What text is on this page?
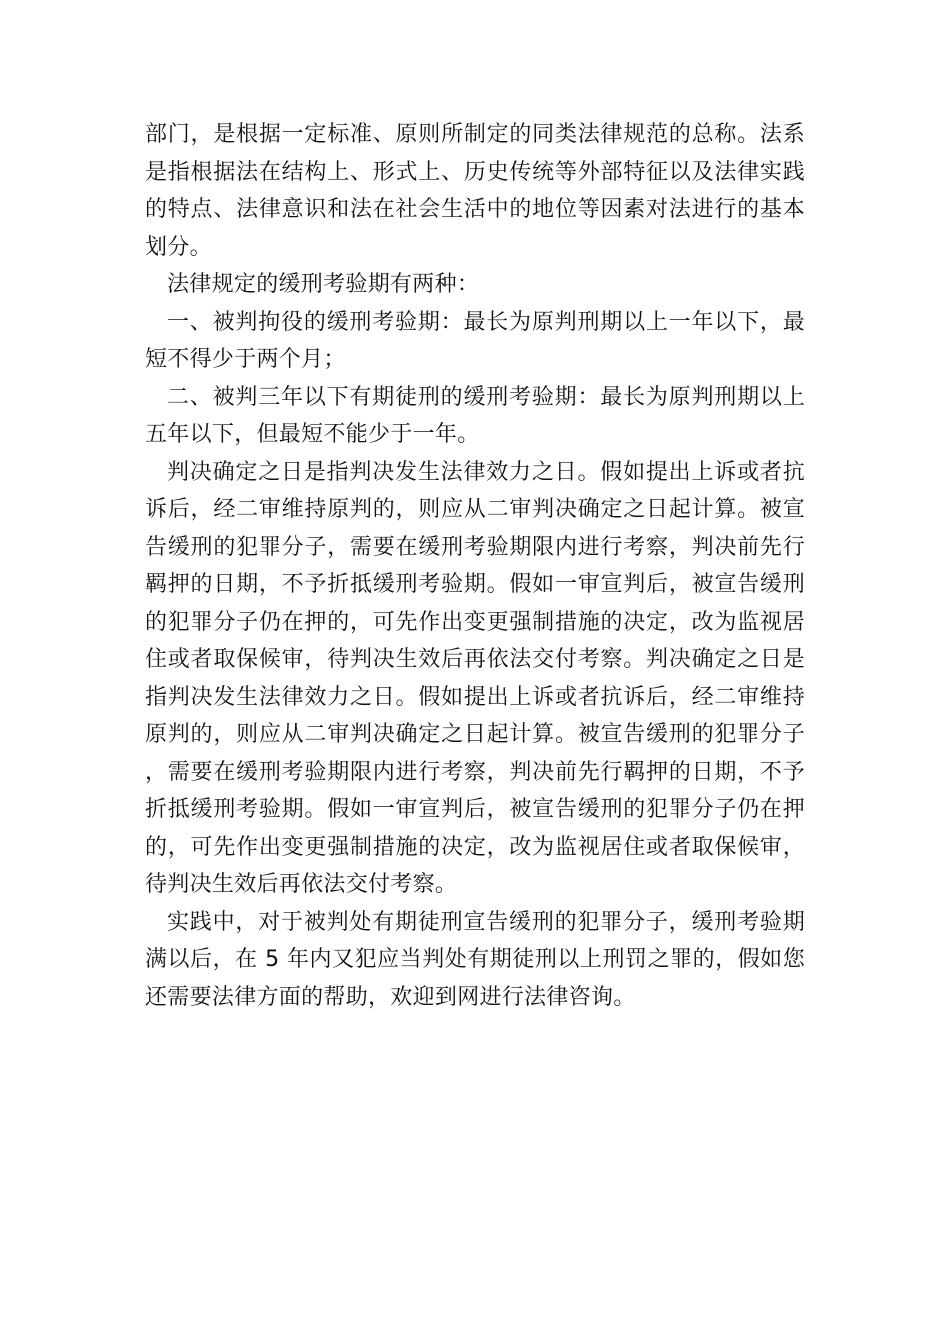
部门，是根据一定标准、原则所制定的同类法律规范的总称。法系是指根据法在结构上、形式上、历史传统等外部特征以及法律实践的特点、法律意识和法在社会生活中的地位等因素对法进行的基本划分。

法律规定的缓刑考验期有两种：

一、被判拘役的缓刑考验期：最长为原判刑期以上一年以下，最短不得少于两个月；

二、被判三年以下有期徒刑的缓刑考验期：最长为原判刑期以上五年以下，但最短不能少于一年。

判决确定之日是指判决发生法律效力之日。假如提出上诉或者抗诉后，经二审维持原判的，则应从二审判决确定之日起计算。被宣告缓刑的犯罪分子，需要在缓刑考验期限内进行考察，判决前先行羁押的日期，不予折抵缓刑考验期。假如一审宣判后，被宣告缓刑的犯罪分子仍在押的，可先作出变更强制措施的决定，改为监视居住或者取保候审，待判决生效后再依法交付考察。判决确定之日是指判决发生法律效力之日。假如提出上诉或者抗诉后，经二审维持原判的，则应从二审判决确定之日起计算。被宣告缓刑的犯罪分子，需要在缓刑考验期限内进行考察，判决前先行羁押的日期，不予折抵缓刑考验期。假如一审宣判后，被宣告缓刑的犯罪分子仍在押的，可先作出变更强制措施的决定，改为监视居住或者取保候审，待判决生效后再依法交付考察。

实践中，对于被判处有期徒刑宣告缓刑的犯罪分子，缓刑考验期满以后，在 5 年内又犯应当判处有期徒刑以上刑罚之罪的，假如您还需要法律方面的帮助，欢迎到网进行法律咨询。
